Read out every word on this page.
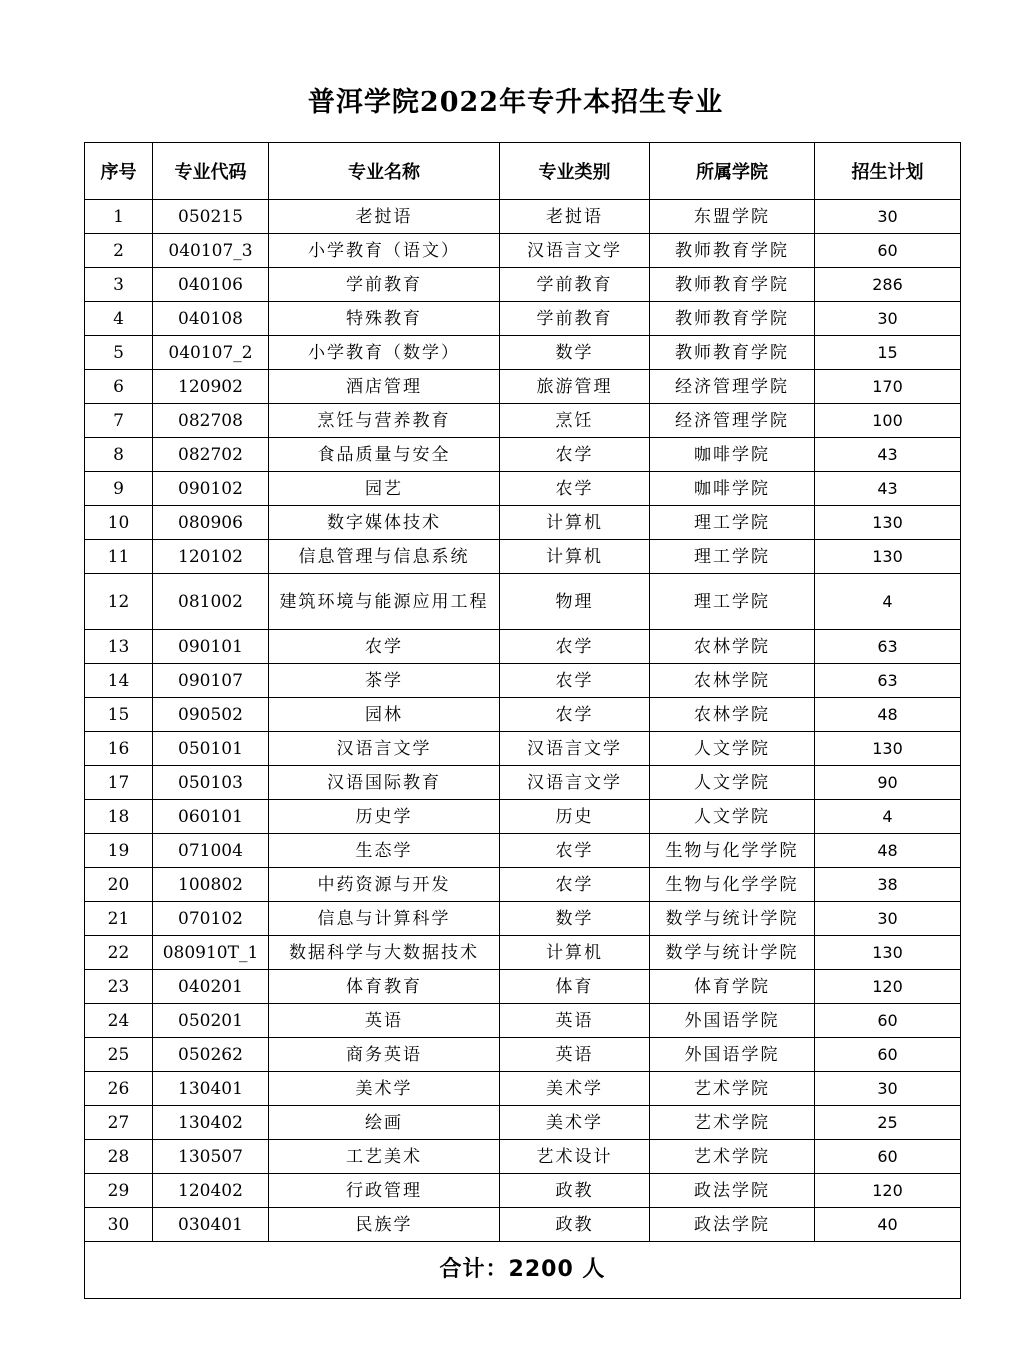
普洱学院2022年专升本招生专业
序号	专业代码	专业名称	专业类别	所属学院	招生计划
1	050215	老挝语	老挝语	东盟学院	30
2	040107_3	小学教育（语文）	汉语言文学	教师教育学院	60
3	040106	学前教育	学前教育	教师教育学院	286
4	040108	特殊教育	学前教育	教师教育学院	30
5	040107_2	小学教育（数学）	数学	教师教育学院	15
6	120902	酒店管理	旅游管理	经济管理学院	170
7	082708	烹饪与营养教育	烹饪	经济管理学院	100
8	082702	食品质量与安全	农学	咖啡学院	43
9	090102	园艺	农学	咖啡学院	43
10	080906	数字媒体技术	计算机	理工学院	130
11	120102	信息管理与信息系统	计算机	理工学院	130
12	081002	建筑环境与能源应用工程	物理	理工学院	4
13	090101	农学	农学	农林学院	63
14	090107	茶学	农学	农林学院	63
15	090502	园林	农学	农林学院	48
16	050101	汉语言文学	汉语言文学	人文学院	130
17	050103	汉语国际教育	汉语言文学	人文学院	90
18	060101	历史学	历史	人文学院	4
19	071004	生态学	农学	生物与化学学院	48
20	100802	中药资源与开发	农学	生物与化学学院	38
21	070102	信息与计算科学	数学	数学与统计学院	30
22	080910T_1	数据科学与大数据技术	计算机	数学与统计学院	130
23	040201	体育教育	体育	体育学院	120
24	050201	英语	英语	外国语学院	60
25	050262	商务英语	英语	外国语学院	60
26	130401	美术学	美术学	艺术学院	30
27	130402	绘画	美术学	艺术学院	25
28	130507	工艺美术	艺术设计	艺术学院	60
29	120402	行政管理	政教	政法学院	120
30	030401	民族学	政教	政法学院	40
合计：2200 人					
